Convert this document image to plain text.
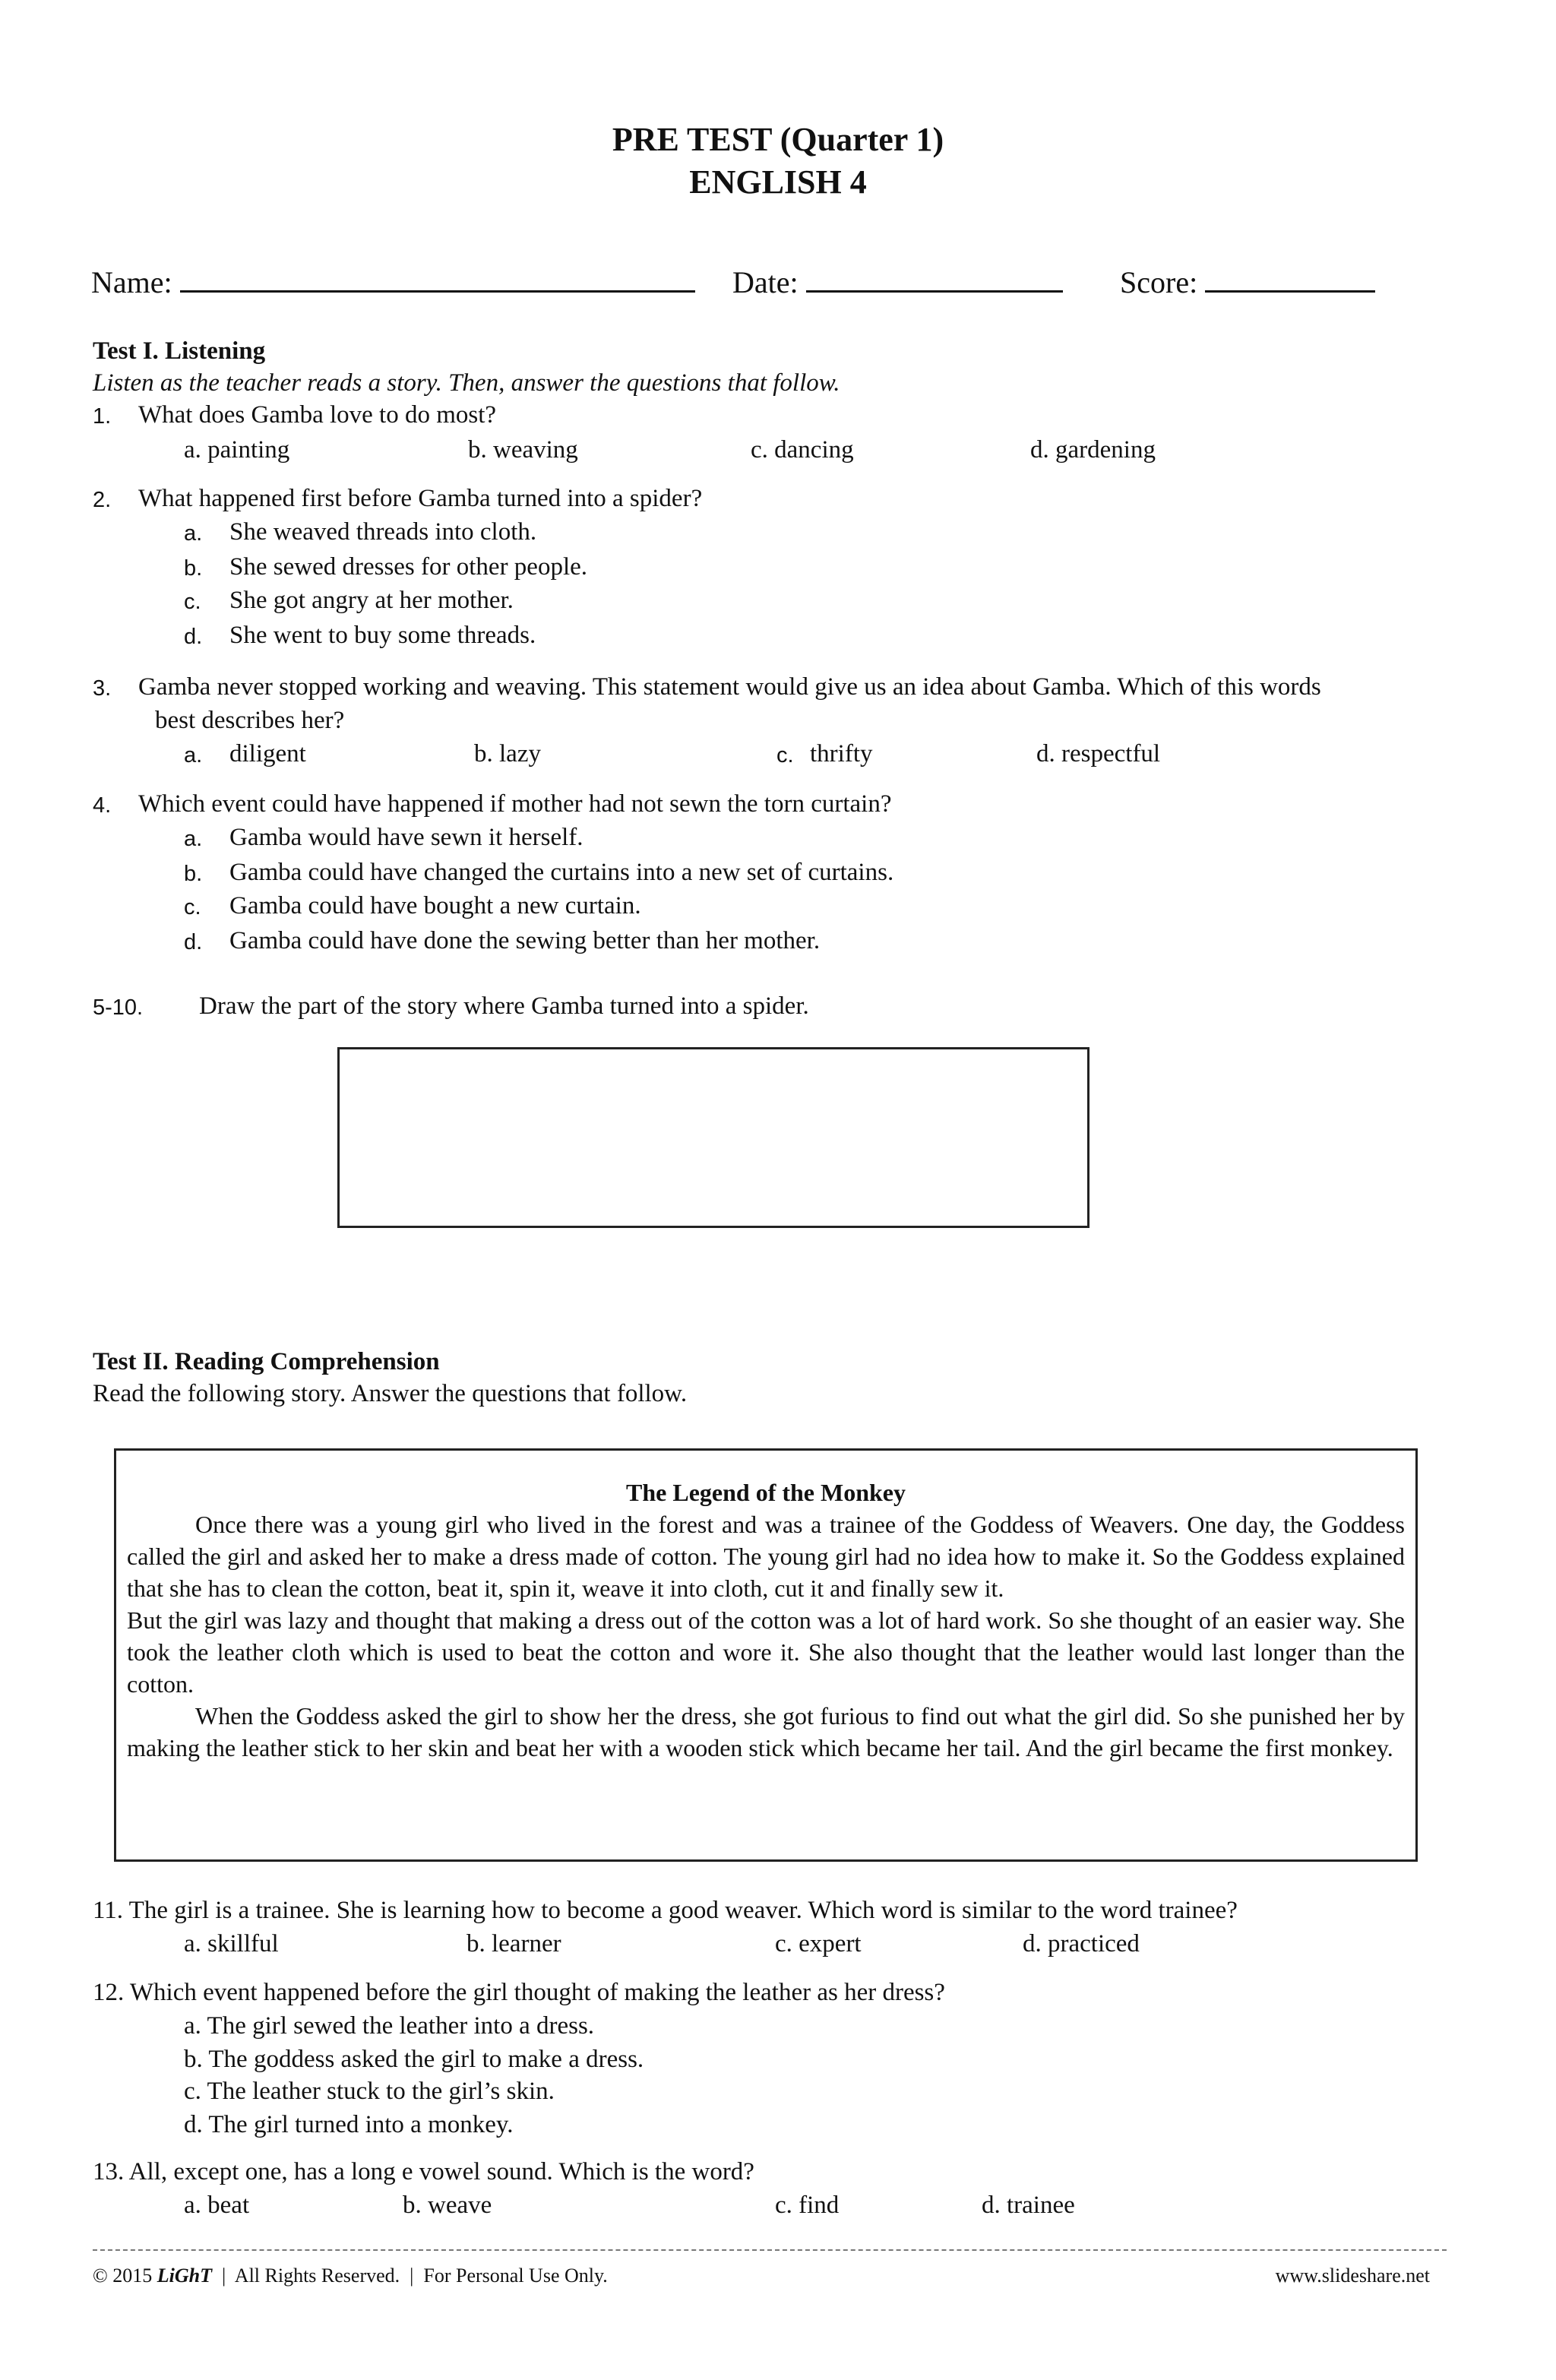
PRE TEST (Quarter 1)
ENGLISH 4
Name:	Date:	Score:
Test I. Listening
Listen as the teacher reads a story. Then, answer the questions that follow.
1. What does Gamba love to do most?
a. painting	b. weaving	c. dancing	d. gardening
2. What happened first before Gamba turned into a spider?
a. She weaved threads into cloth.
b. She sewed dresses for other people.
c. She got angry at her mother.
d. She went to buy some threads.
3. Gamba never stopped working and weaving. This statement would give us an idea about Gamba. Which of this words
best describes her?
a. diligent	b. lazy	c. thrifty	d. respectful
4. Which event could have happened if mother had not sewn the torn curtain?
a. Gamba would have sewn it herself.
b. Gamba could have changed the curtains into a new set of curtains.
c. Gamba could have bought a new curtain.
d. Gamba could have done the sewing better than her mother.
5-10. Draw the part of the story where Gamba turned into a spider.
Test II. Reading Comprehension
Read the following story. Answer the questions that follow.

The Legend of the Monkey

Once there was a young girl who lived in the forest and was a trainee of the Goddess of Weavers. One day, the Goddess called the girl and asked her to make a dress made of cotton. The young girl had no idea how to make it. So the Goddess explained that she has to clean the cotton, beat it, spin it, weave it into cloth, cut it and finally sew it.

But the girl was lazy and thought that making a dress out of the cotton was a lot of hard work. So she thought of an easier way. She took the leather cloth which is used to beat the cotton and wore it. She also thought that the leather would last longer than the cotton.

When the Goddess asked the girl to show her the dress, she got furious to find out what the girl did. So she punished her by making the leather stick to her skin and beat her with a wooden stick which became her tail. And the girl became the first monkey.

11. The girl is a trainee. She is learning how to become a good weaver. Which word is similar to the word trainee?
a. skillful	b. learner	c. expert	d. practiced
12. Which event happened before the girl thought of making the leather as her dress?
a. The girl sewed the leather into a dress.
b. The goddess asked the girl to make a dress.
c. The leather stuck to the girl’s skin.
d. The girl turned into a monkey.
13. All, except one, has a long e vowel sound. Which is the word?
a. beat	b. weave	c. find	d. trainee
© 2015 LiGhT | All Rights Reserved. | For Personal Use Only.	www.slideshare.net
